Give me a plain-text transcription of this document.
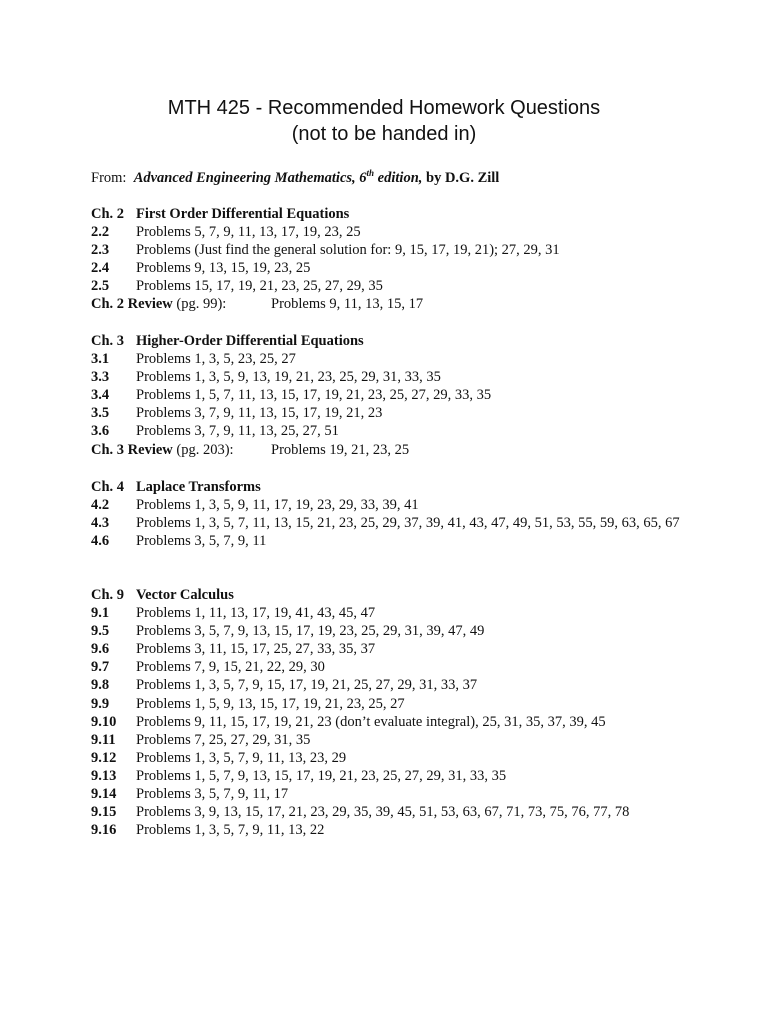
MTH 425 - Recommended Homework Questions
(not to be handed in)
From: Advanced Engineering Mathematics, 6th edition, by D.G. Zill
Ch. 2 First Order Differential Equations
2.2 Problems 5, 7, 9, 11, 13, 17, 19, 23, 25
2.3 Problems (Just find the general solution for: 9, 15, 17, 19, 21); 27, 29, 31
2.4 Problems 9, 13, 15, 19, 23, 25
2.5 Problems 15, 17, 19, 21, 23, 25, 27, 29, 35
Ch. 2 Review (pg. 99):	Problems 9, 11, 13, 15, 17
Ch. 3 Higher-Order Differential Equations
3.1 Problems 1, 3, 5, 23, 25, 27
3.3 Problems 1, 3, 5, 9, 13, 19, 21, 23, 25, 29, 31, 33, 35
3.4 Problems 1, 5, 7, 11, 13, 15, 17, 19, 21, 23, 25, 27, 29, 33, 35
3.5 Problems 3, 7, 9, 11, 13, 15, 17, 19, 21, 23
3.6 Problems 3, 7, 9, 11, 13, 25, 27, 51
Ch. 3 Review (pg. 203):	Problems 19, 21, 23, 25
Ch. 4 Laplace Transforms
4.2 Problems 1, 3, 5, 9, 11, 17, 19, 23, 29, 33, 39, 41
4.3 Problems 1, 3, 5, 7, 11, 13, 15, 21, 23, 25, 29, 37, 39, 41, 43, 47, 49, 51, 53, 55, 59, 63, 65, 67
4.6 Problems 3, 5, 7, 9, 11
Ch. 9 Vector Calculus
9.1 Problems 1, 11, 13, 17, 19, 41, 43, 45, 47
9.5 Problems 3, 5, 7, 9, 13, 15, 17, 19, 23, 25, 29, 31, 39, 47, 49
9.6 Problems 3, 11, 15, 17, 25, 27, 33, 35, 37
9.7 Problems 7, 9, 15, 21, 22, 29, 30
9.8 Problems 1, 3, 5, 7, 9, 15, 17, 19, 21, 25, 27, 29, 31, 33, 37
9.9 Problems 1, 5, 9, 13, 15, 17, 19, 21, 23, 25, 27
9.10 Problems 9, 11, 15, 17, 19, 21, 23 (don’t evaluate integral), 25, 31, 35, 37, 39, 45
9.11 Problems 7, 25, 27, 29, 31, 35
9.12 Problems 1, 3, 5, 7, 9, 11, 13, 23, 29
9.13 Problems 1, 5, 7, 9, 13, 15, 17, 19, 21, 23, 25, 27, 29, 31, 33, 35
9.14 Problems 3, 5, 7, 9, 11, 17
9.15 Problems 3, 9, 13, 15, 17, 21, 23, 29, 35, 39, 45, 51, 53, 63, 67, 71, 73, 75, 76, 77, 78
9.16 Problems 1, 3, 5, 7, 9, 11, 13, 22
